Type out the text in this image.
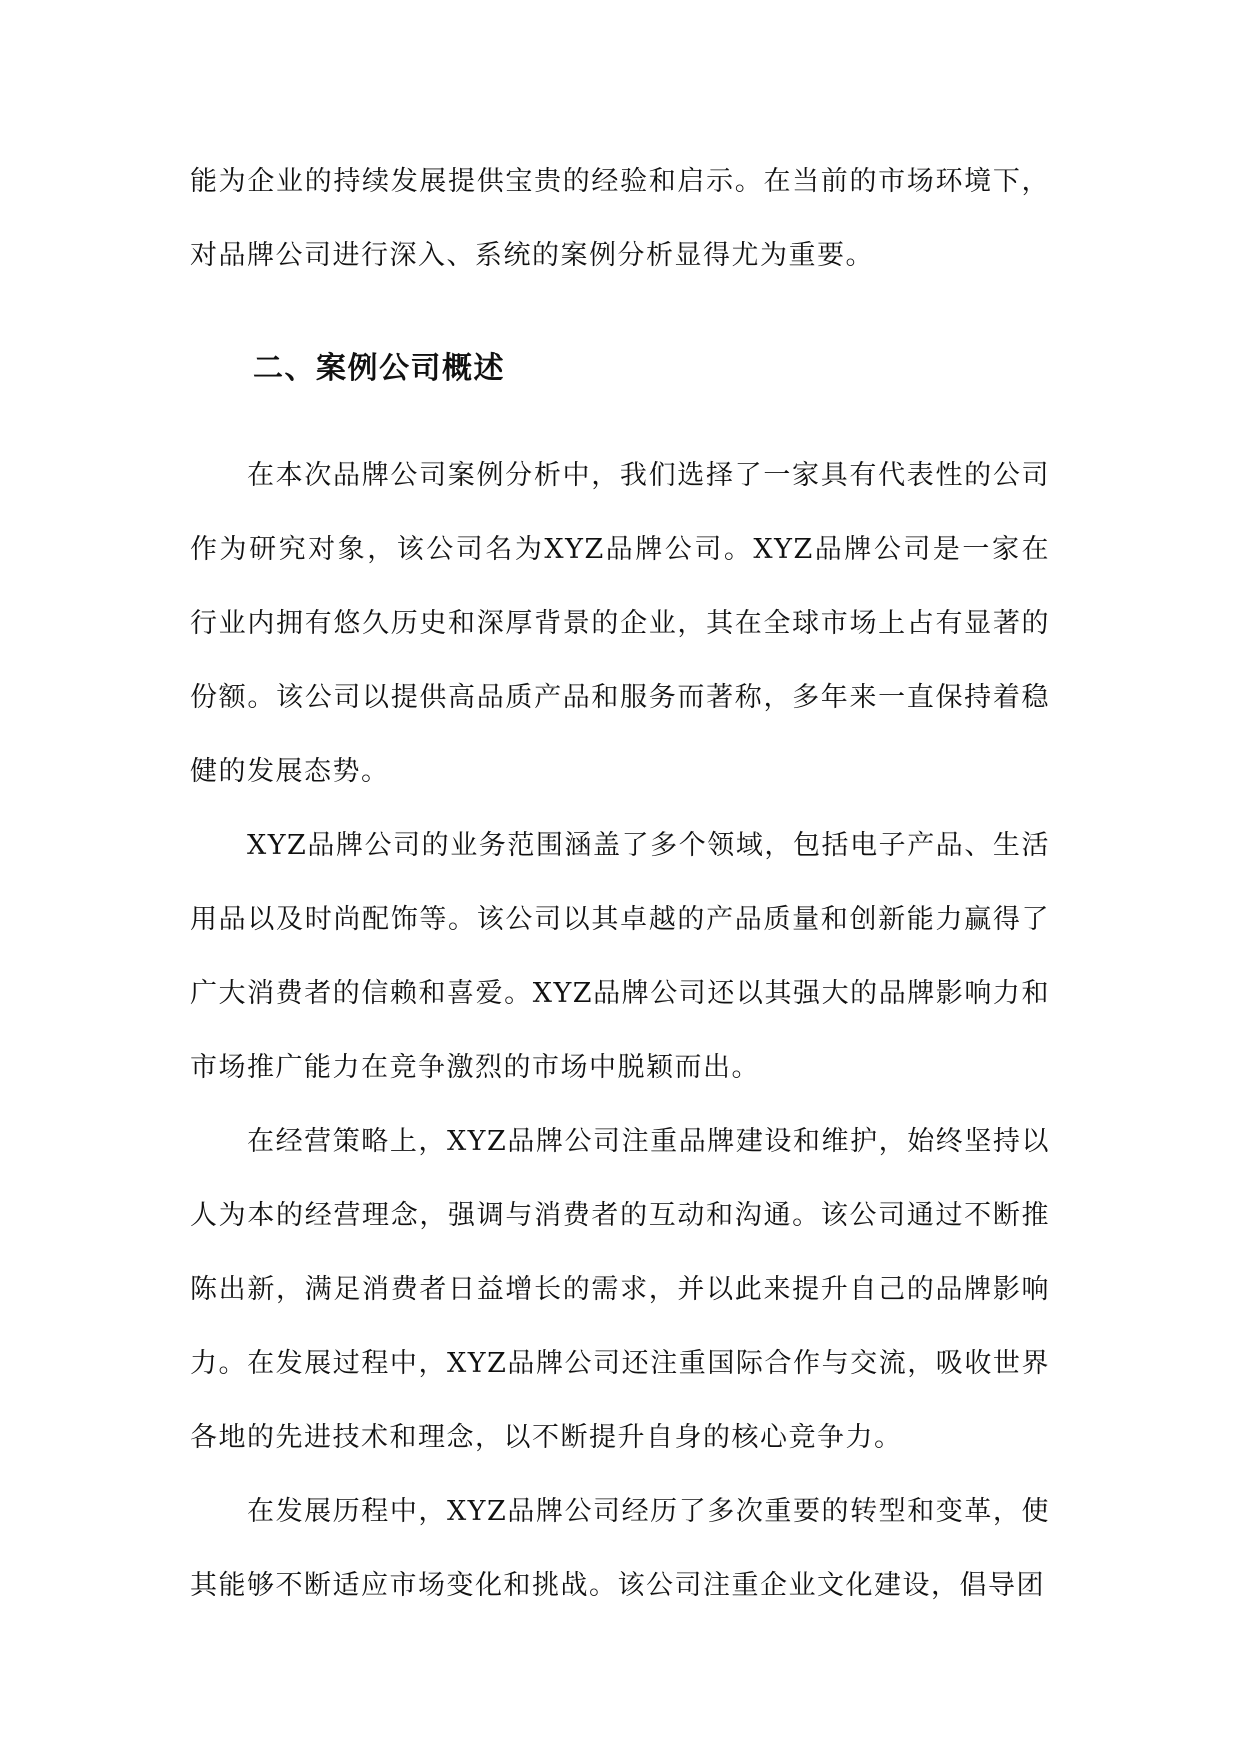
能为企业的持续发展提供宝贵的经验和启示。在当前的市场环境下，对品牌公司进行深入、系统的案例分析显得尤为重要。

二、案例公司概述

在本次品牌公司案例分析中，我们选择了一家具有代表性的公司作为研究对象，该公司名为XYZ品牌公司。XYZ品牌公司是一家在行业内拥有悠久历史和深厚背景的企业，其在全球市场上占有显著的份额。该公司以提供高品质产品和服务而著称，多年来一直保持着稳健的发展态势。

XYZ品牌公司的业务范围涵盖了多个领域，包括电子产品、生活用品以及时尚配饰等。该公司以其卓越的产品质量和创新能力赢得了广大消费者的信赖和喜爱。XYZ品牌公司还以其强大的品牌影响力和市场推广能力在竞争激烈的市场中脱颖而出。

在经营策略上，XYZ品牌公司注重品牌建设和维护，始终坚持以人为本的经营理念，强调与消费者的互动和沟通。该公司通过不断推陈出新，满足消费者日益增长的需求，并以此来提升自己的品牌影响力。在发展过程中，XYZ品牌公司还注重国际合作与交流，吸收世界各地的先进技术和理念，以不断提升自身的核心竞争力。

在发展历程中，XYZ品牌公司经历了多次重要的转型和变革，使其能够不断适应市场变化和挑战。该公司注重企业文化建设，倡导团
